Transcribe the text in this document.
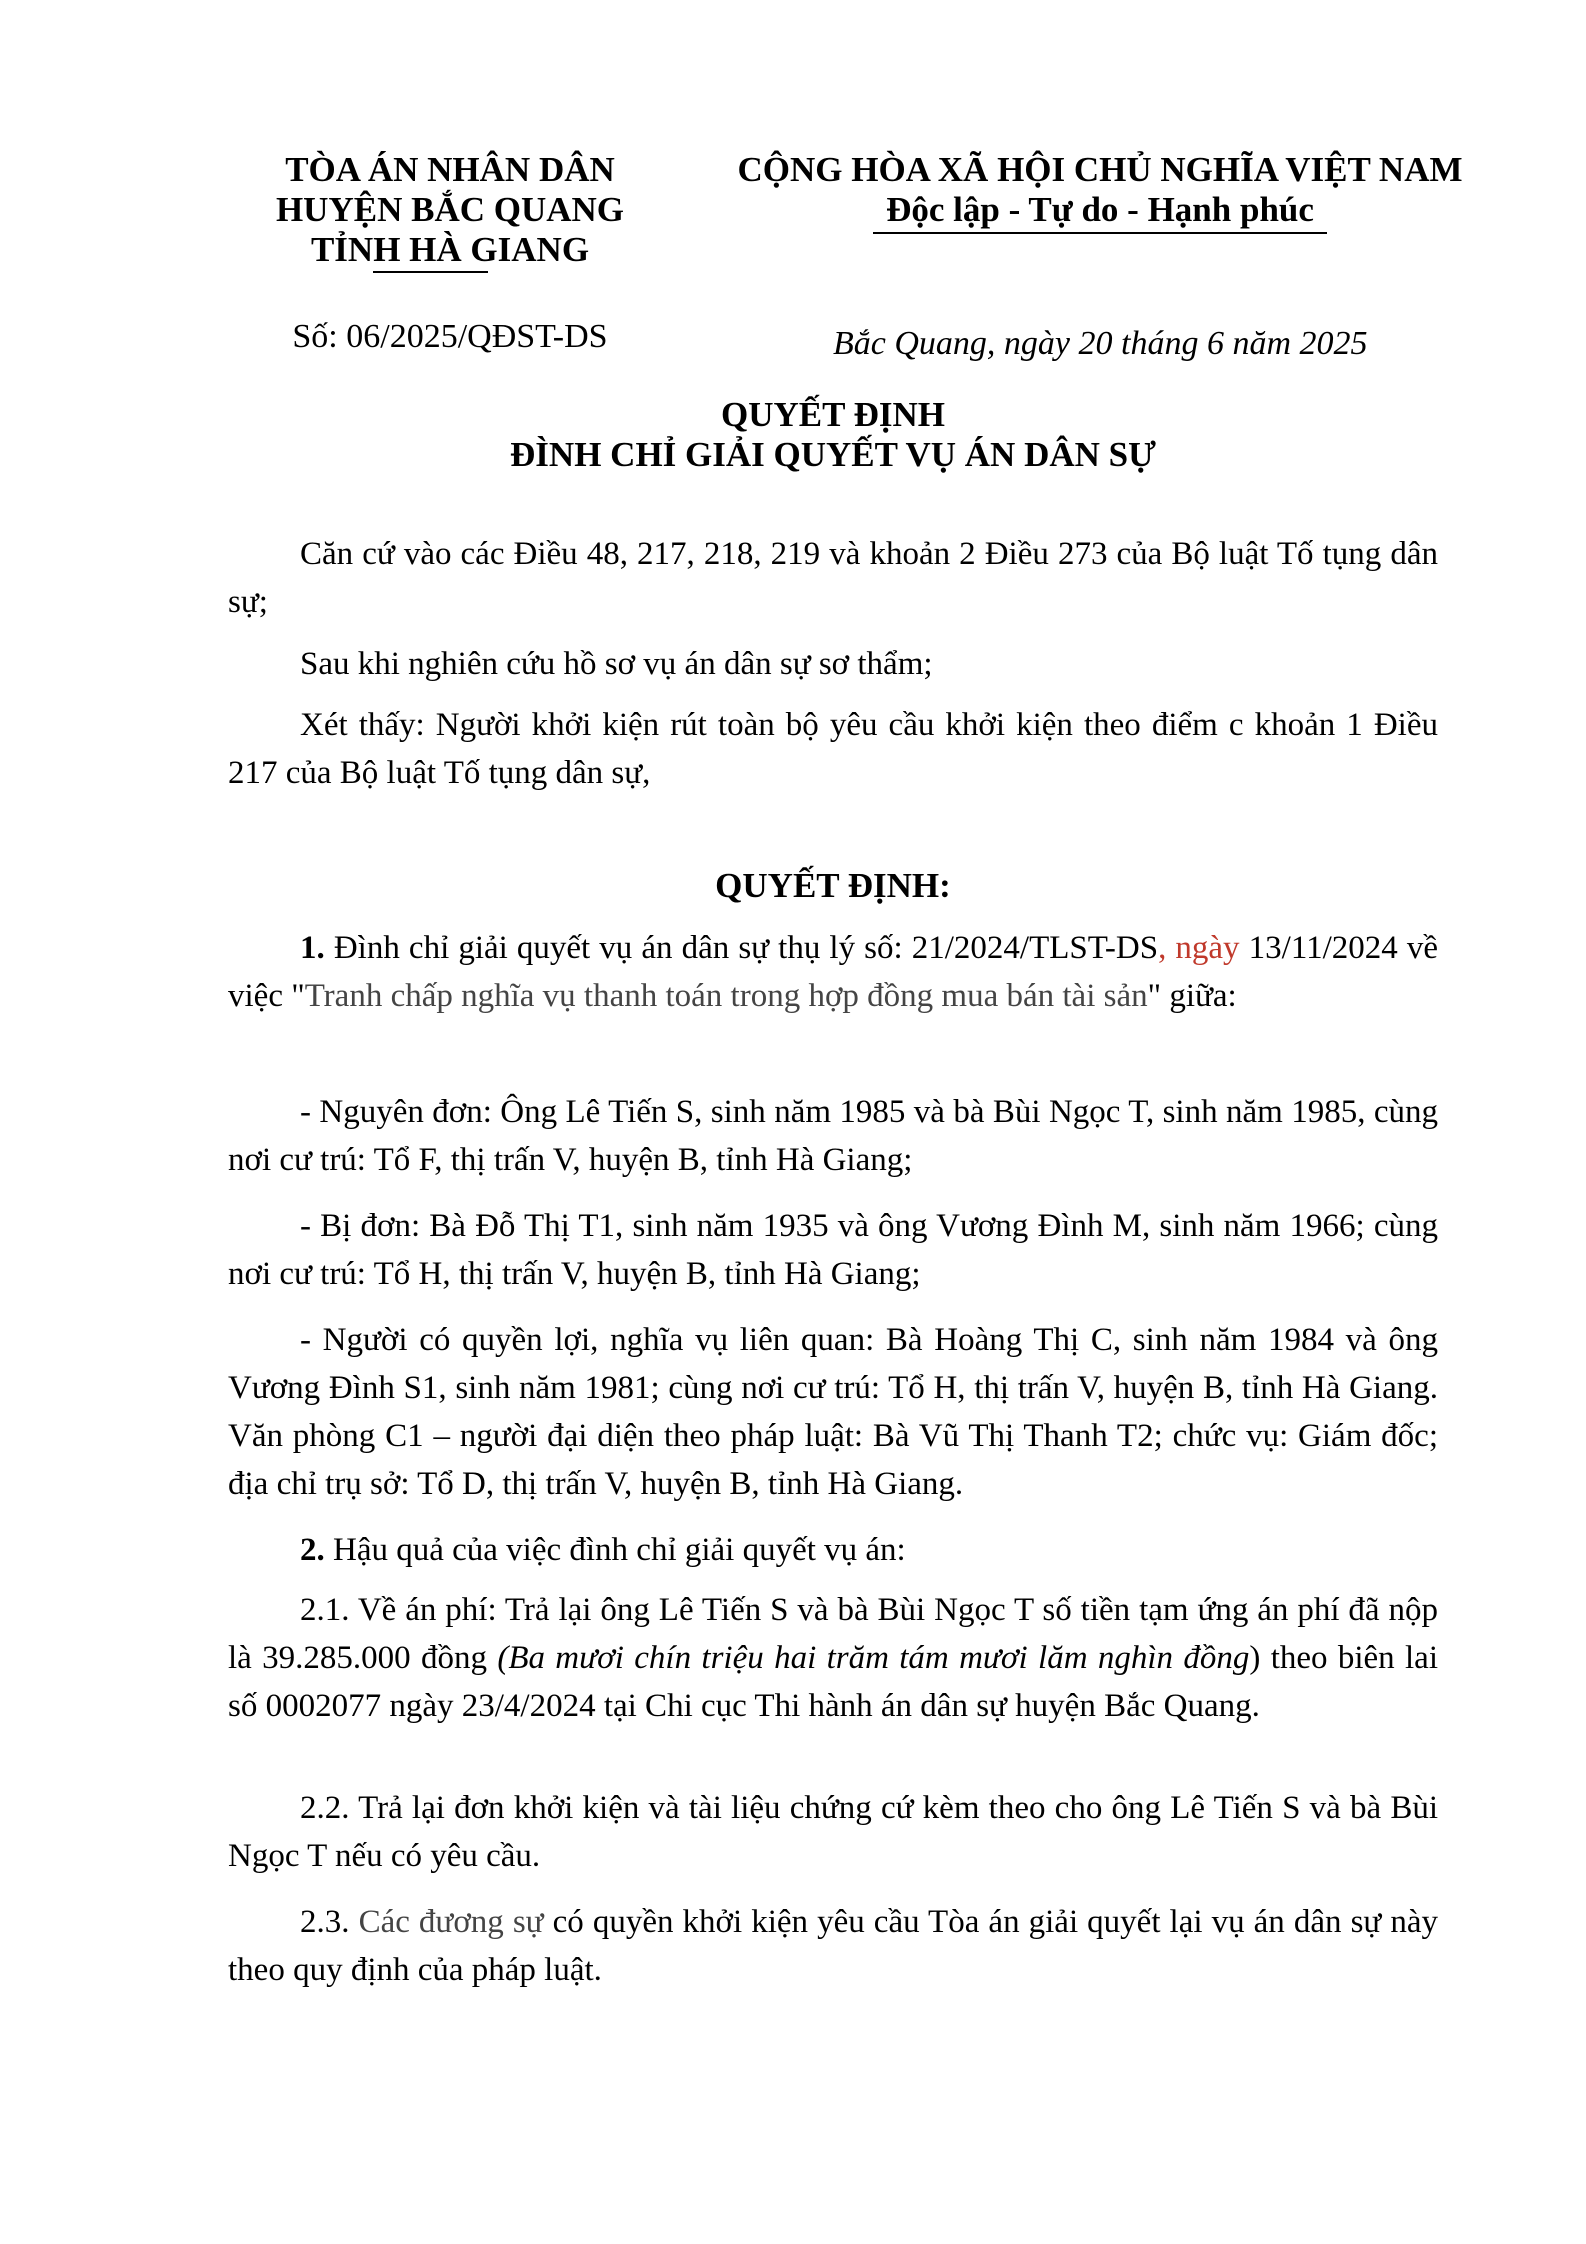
TÒA ÁN NHÂN DÂN
HUYỆN BẮC QUANG
TỈNH HÀ GIANG
Số: 06/2025/QĐST-DS
CỘNG HÒA XÃ HỘI CHỦ NGHĨA VIỆT NAM
Độc lập - Tự do - Hạnh phúc
Bắc Quang, ngày 20 tháng 6 năm 2025
QUYẾT ĐỊNH
ĐÌNH CHỈ GIẢI QUYẾT VỤ ÁN DÂN SỰ
Căn cứ vào các Điều 48, 217, 218, 219 và khoản 2 Điều 273 của Bộ luật Tố tụng dân sự;
Sau khi nghiên cứu hồ sơ vụ án dân sự sơ thẩm;
Xét thấy: Người khởi kiện rút toàn bộ yêu cầu khởi kiện theo điểm c khoản 1 Điều 217 của Bộ luật Tố tụng dân sự,
QUYẾT ĐỊNH:
1. Đình chỉ giải quyết vụ án dân sự thụ lý số: 21/2024/TLST-DS, ngày 13/11/2024 về việc "Tranh chấp nghĩa vụ thanh toán trong hợp đồng mua bán tài sản" giữa:
- Nguyên đơn: Ông Lê Tiến S, sinh năm 1985 và bà Bùi Ngọc T, sinh năm 1985, cùng nơi cư trú: Tổ F, thị trấn V, huyện B, tỉnh Hà Giang;
- Bị đơn: Bà Đỗ Thị T1, sinh năm 1935 và ông Vương Đình M, sinh năm 1966; cùng nơi cư trú: Tổ H, thị trấn V, huyện B, tỉnh Hà Giang;
- Người có quyền lợi, nghĩa vụ liên quan: Bà Hoàng Thị C, sinh năm 1984 và ông Vương Đình S1, sinh năm 1981; cùng nơi cư trú: Tổ H, thị trấn V, huyện B, tỉnh Hà Giang. Văn phòng C1 – người đại diện theo pháp luật: Bà Vũ Thị Thanh T2; chức vụ: Giám đốc; địa chỉ trụ sở: Tổ D, thị trấn V, huyện B, tỉnh Hà Giang.
2. Hậu quả của việc đình chỉ giải quyết vụ án:
2.1. Về án phí: Trả lại ông Lê Tiến S và bà Bùi Ngọc T số tiền tạm ứng án phí đã nộp là 39.285.000 đồng (Ba mươi chín triệu hai trăm tám mươi lăm nghìn đồng) theo biên lai số 0002077 ngày 23/4/2024 tại Chi cục Thi hành án dân sự huyện Bắc Quang.
2.2. Trả lại đơn khởi kiện và tài liệu chứng cứ kèm theo cho ông Lê Tiến S và bà Bùi Ngọc T nếu có yêu cầu.
2.3. Các đương sự có quyền khởi kiện yêu cầu Tòa án giải quyết lại vụ án dân sự này theo quy định của pháp luật.
